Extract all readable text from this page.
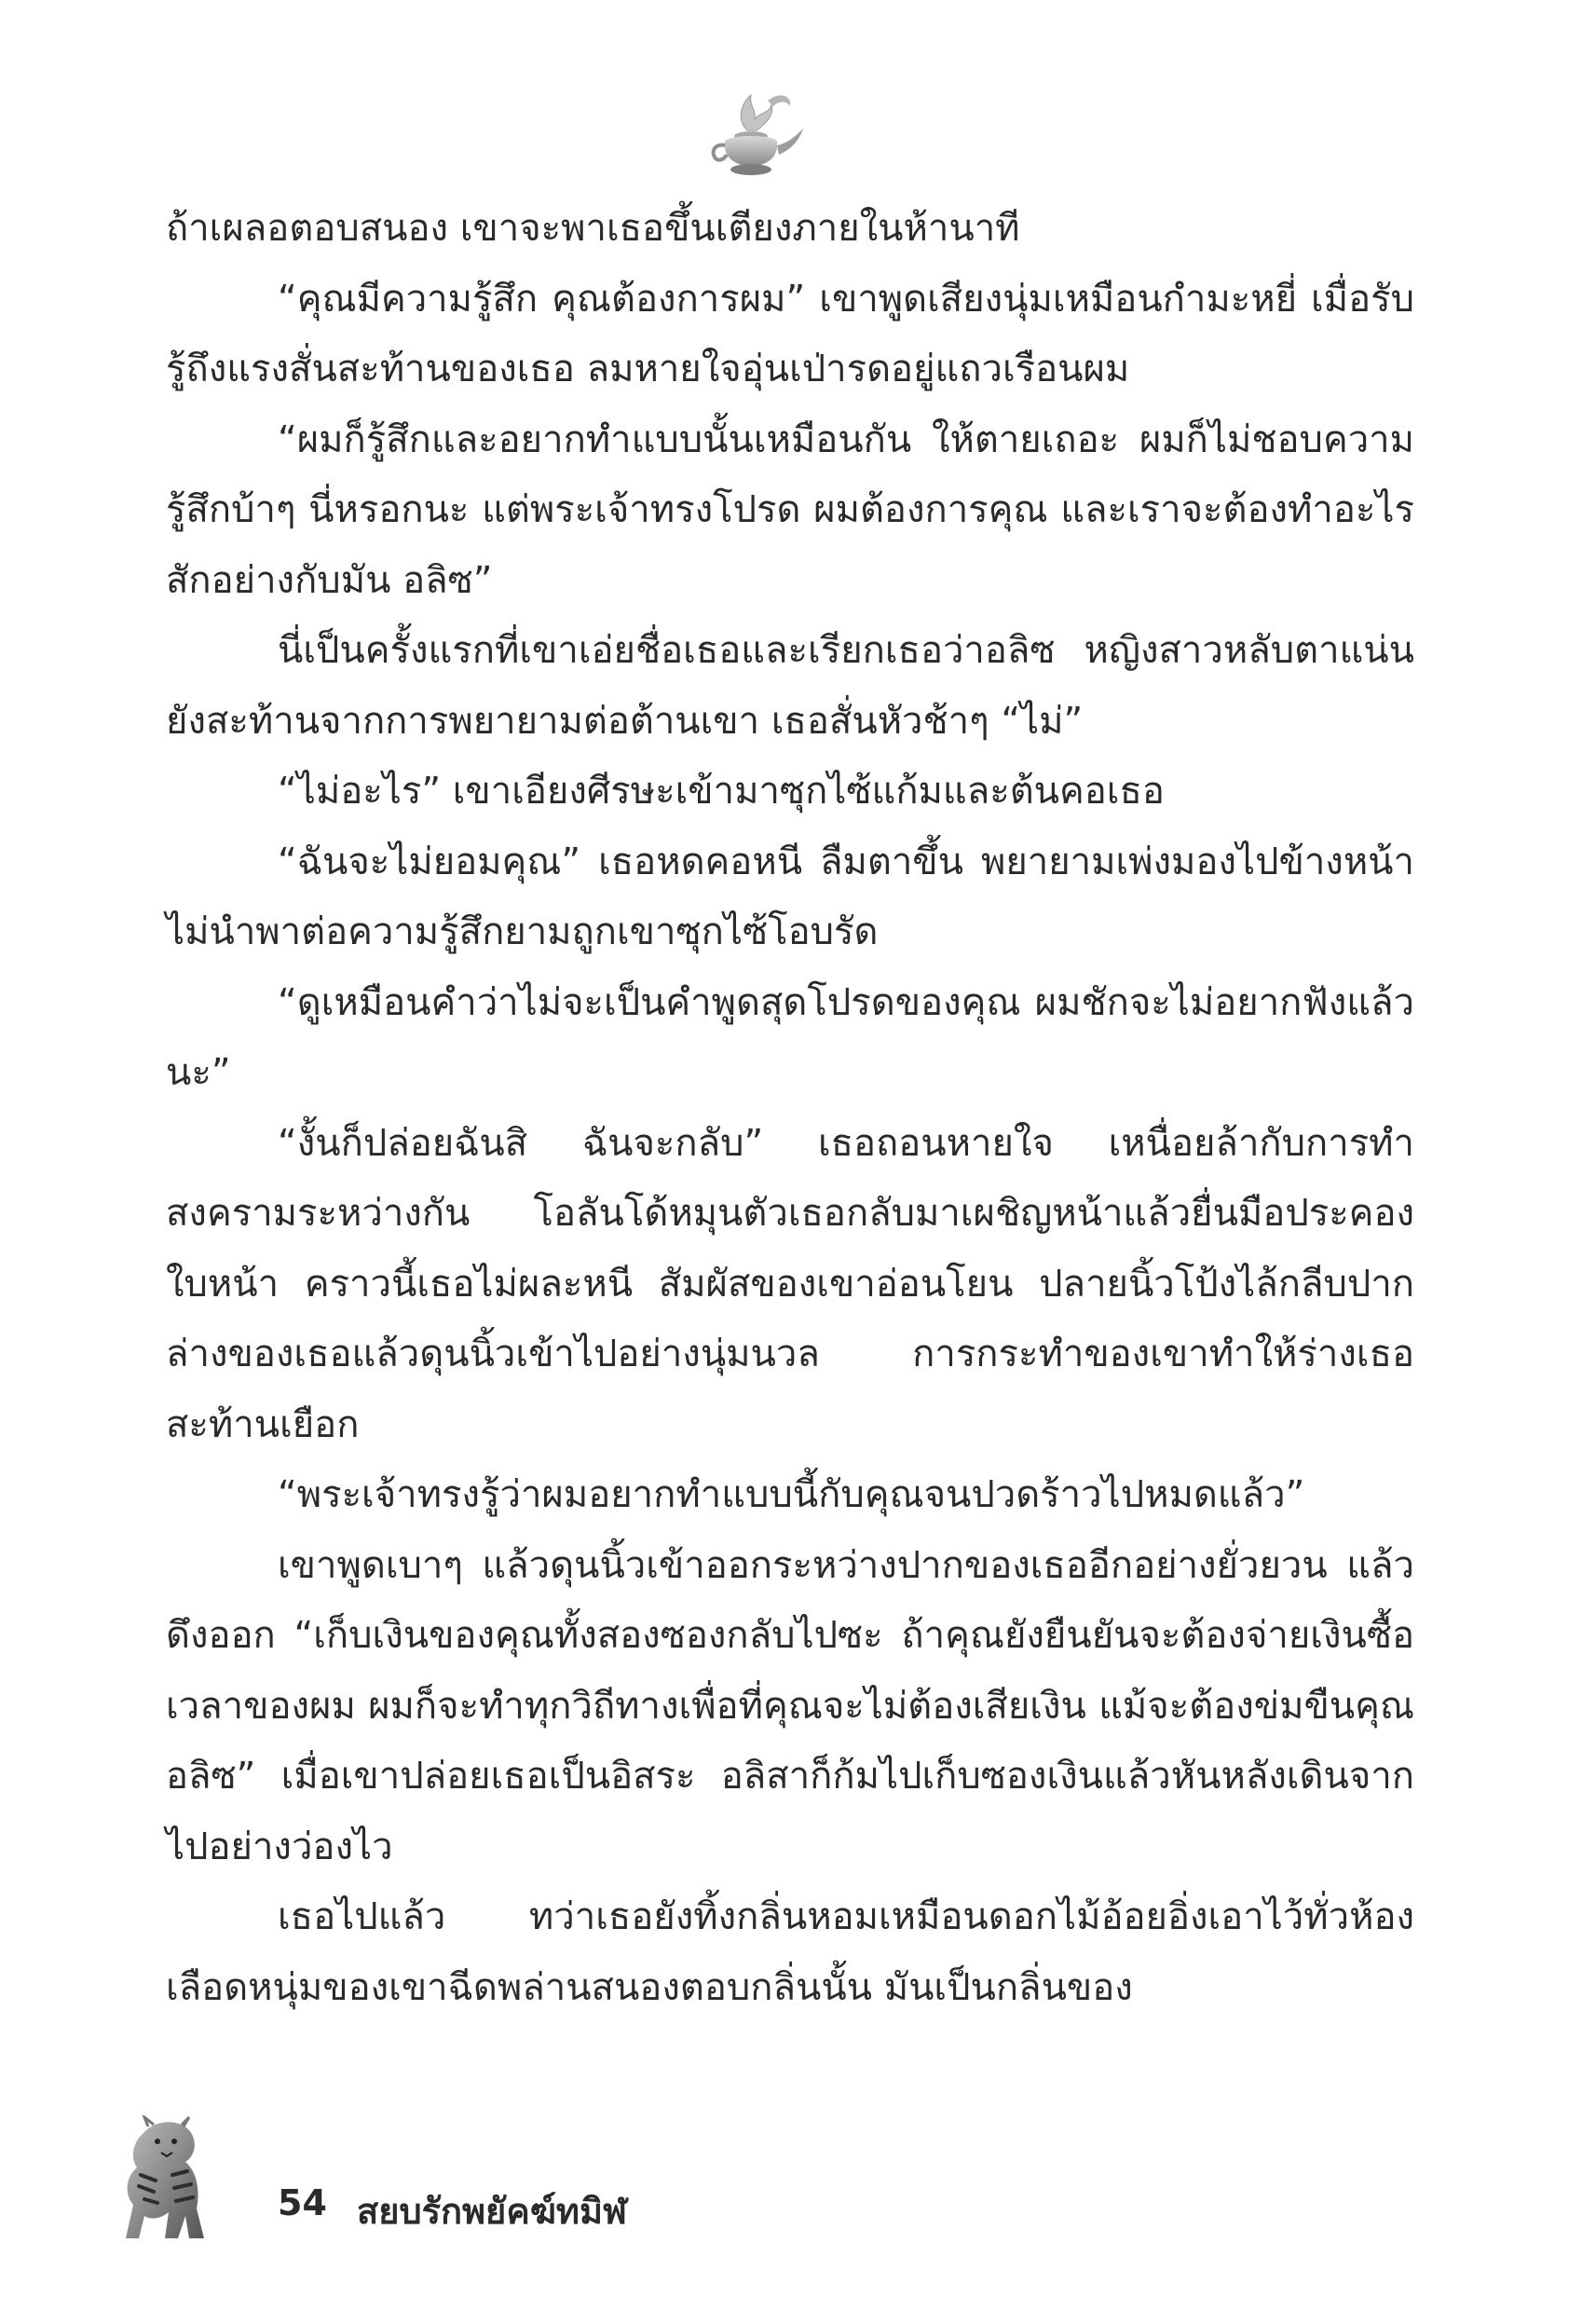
ถ้าเผลอตอบสนอง เขาจะพาเธอขึ้นเตียงภายในห้านาที

“คุณมีความรู้สึก คุณต้องการผม” เขาพูดเสียงนุ่มเหมือนกำมะหยี่ เมื่อรับรู้ถึงแรงสั่นสะท้านของเธอ ลมหายใจอุ่นเป่ารดอยู่แถวเรือนผม

“ผมก็รู้สึกและอยากทำแบบนั้นเหมือนกัน ให้ตายเถอะ ผมก็ไม่ชอบความรู้สึกบ้าๆ นี่หรอกนะ แต่พระเจ้าทรงโปรด ผมต้องการคุณ และเราจะต้องทำอะไรสักอย่างกับมัน อลิซ”

นี่เป็นครั้งแรกที่เขาเอ่ยชื่อเธอและเรียกเธอว่าอลิซ หญิงสาวหลับตาแน่น ยังสะท้านจากการพยายามต่อต้านเขา เธอสั่นหัวช้าๆ “ไม่”

“ไม่อะไร” เขาเอียงศีรษะเข้ามาซุกไซ้แก้มและต้นคอเธอ

“ฉันจะไม่ยอมคุณ” เธอหดคอหนี ลืมตาขึ้น พยายามเพ่งมองไปข้างหน้า ไม่นำพาต่อความรู้สึกยามถูกเขาซุกไซ้โอบรัด

“ดูเหมือนคำว่าไม่จะเป็นคำพูดสุดโปรดของคุณ ผมชักจะไม่อยากฟังแล้วนะ”

“งั้นก็ปล่อยฉันสิ ฉันจะกลับ” เธอถอนหายใจ เหนื่อยล้ากับการทำสงครามระหว่างกัน โอลันโด้หมุนตัวเธอกลับมาเผชิญหน้าแล้วยื่นมือประคองใบหน้า คราวนี้เธอไม่ผละหนี สัมผัสของเขาอ่อนโยน ปลายนิ้วโป้งไล้กลีบปากล่างของเธอแล้วดุนนิ้วเข้าไปอย่างนุ่มนวล การกระทำของเขาทำให้ร่างเธอสะท้านเยือก

“พระเจ้าทรงรู้ว่าผมอยากทำแบบนี้กับคุณจนปวดร้าวไปหมดแล้ว”

เขาพูดเบาๆ แล้วดุนนิ้วเข้าออกระหว่างปากของเธออีกอย่างยั่วยวน แล้วดึงออก “เก็บเงินของคุณทั้งสองซองกลับไปซะ ถ้าคุณยังยืนยันจะต้องจ่ายเงินซื้อเวลาของผม ผมก็จะทำทุกวิถีทางเพื่อที่คุณจะไม่ต้องเสียเงิน แม้จะต้องข่มขืนคุณ อลิซ” เมื่อเขาปล่อยเธอเป็นอิสระ อลิสาก็ก้มไปเก็บซองเงินแล้วหันหลังเดินจากไปอย่างว่องไว

เธอไปแล้ว ทว่าเธอยังทิ้งกลิ่นหอมเหมือนดอกไม้อ้อยอิ่งเอาไว้ทั่วห้อง เลือดหนุ่มของเขาฉีดพล่านสนองตอบกลิ่นนั้น มันเป็นกลิ่นของ

54 สยบรักพยัคฆ์ทมิฬ
